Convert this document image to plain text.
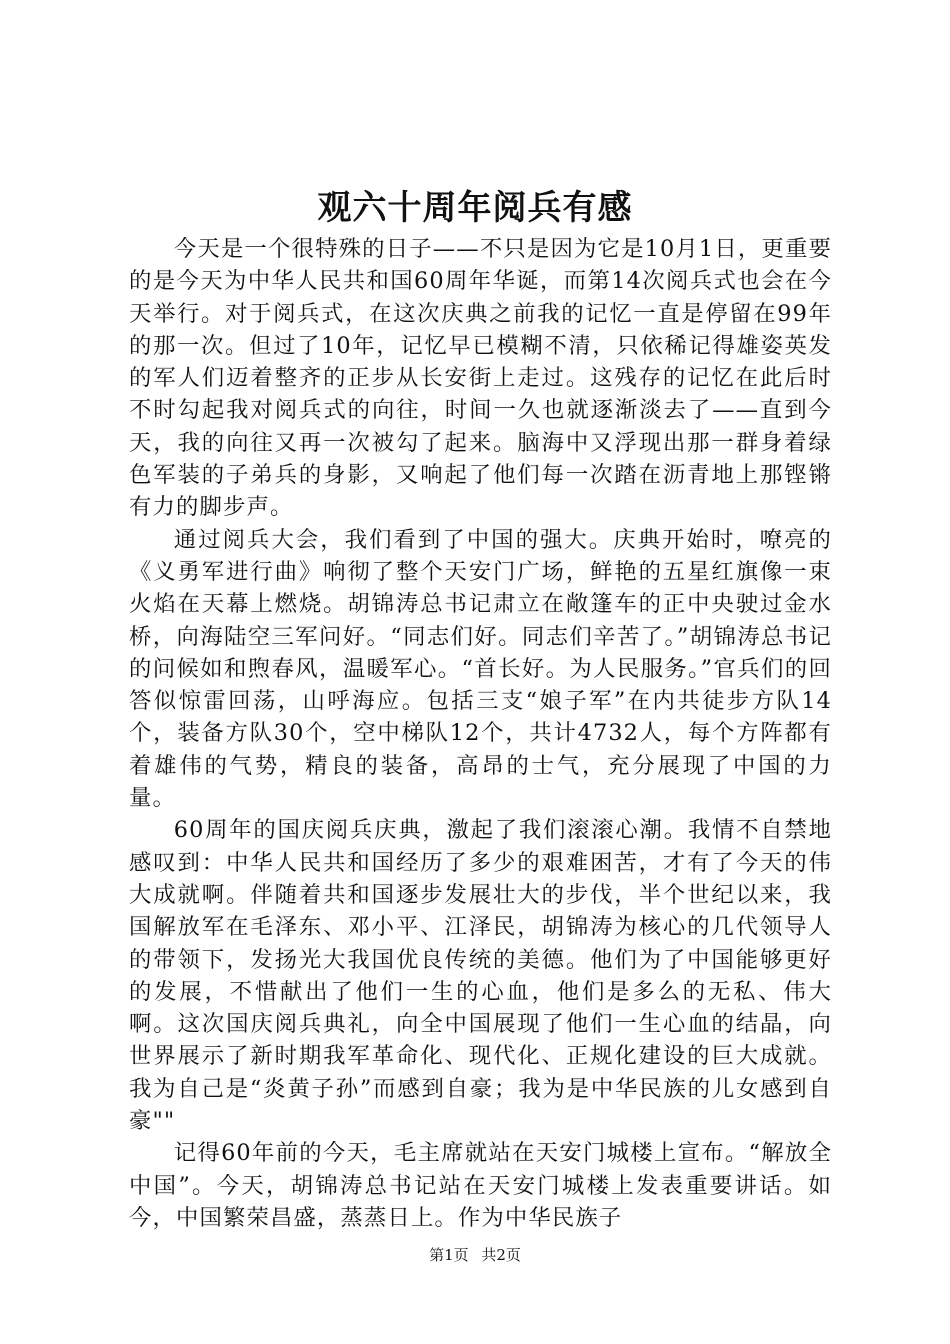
观六十周年阅兵有感

今天是一个很特殊的日子——不只是因为它是10月1日，更重要的是今天为中华人民共和国60周年华诞，而第14次阅兵式也会在今天举行。对于阅兵式，在这次庆典之前我的记忆一直是停留在99年的那一次。但过了10年，记忆早已模糊不清，只依稀记得雄姿英发的军人们迈着整齐的正步从长安街上走过。这残存的记忆在此后时不时勾起我对阅兵式的向往，时间一久也就逐渐淡去了——直到今天，我的向往又再一次被勾了起来。脑海中又浮现出那一群身着绿色军装的子弟兵的身影，又响起了他们每一次踏在沥青地上那铿锵有力的脚步声。

通过阅兵大会，我们看到了中国的强大。庆典开始时，嘹亮的《义勇军进行曲》响彻了整个天安门广场，鲜艳的五星红旗像一束火焰在天幕上燃烧。胡锦涛总书记肃立在敞篷车的正中央驶过金水桥，向海陆空三军问好。“同志们好。同志们辛苦了。”胡锦涛总书记的问候如和煦春风，温暖军心。“首长好。为人民服务。”官兵们的回答似惊雷回荡，山呼海应。包括三支“娘子军”在内共徒步方队14个，装备方队30个，空中梯队12个，共计4732人，每个方阵都有着雄伟的气势，精良的装备，高昂的士气，充分展现了中国的力量。

60周年的国庆阅兵庆典，激起了我们滚滚心潮。我情不自禁地感叹到：中华人民共和国经历了多少的艰难困苦，才有了今天的伟大成就啊。伴随着共和国逐步发展壮大的步伐，半个世纪以来，我国解放军在毛泽东、邓小平、江泽民，胡锦涛为核心的几代领导人的带领下，发扬光大我国优良传统的美德。他们为了中国能够更好的发展，不惜献出了他们一生的心血，他们是多么的无私、伟大啊。这次国庆阅兵典礼，向全中国展现了他们一生心血的结晶，向世界展示了新时期我军革命化、现代化、正规化建设的巨大成就。我为自己是“炎黄子孙”而感到自豪；我为是中华民族的儿女感到自豪""

记得60年前的今天，毛主席就站在天安门城楼上宣布。“解放全中国”。今天，胡锦涛总书记站在天安门城楼上发表重要讲话。如今，中国繁荣昌盛，蒸蒸日上。作为中华民族子

第1页 共2页
